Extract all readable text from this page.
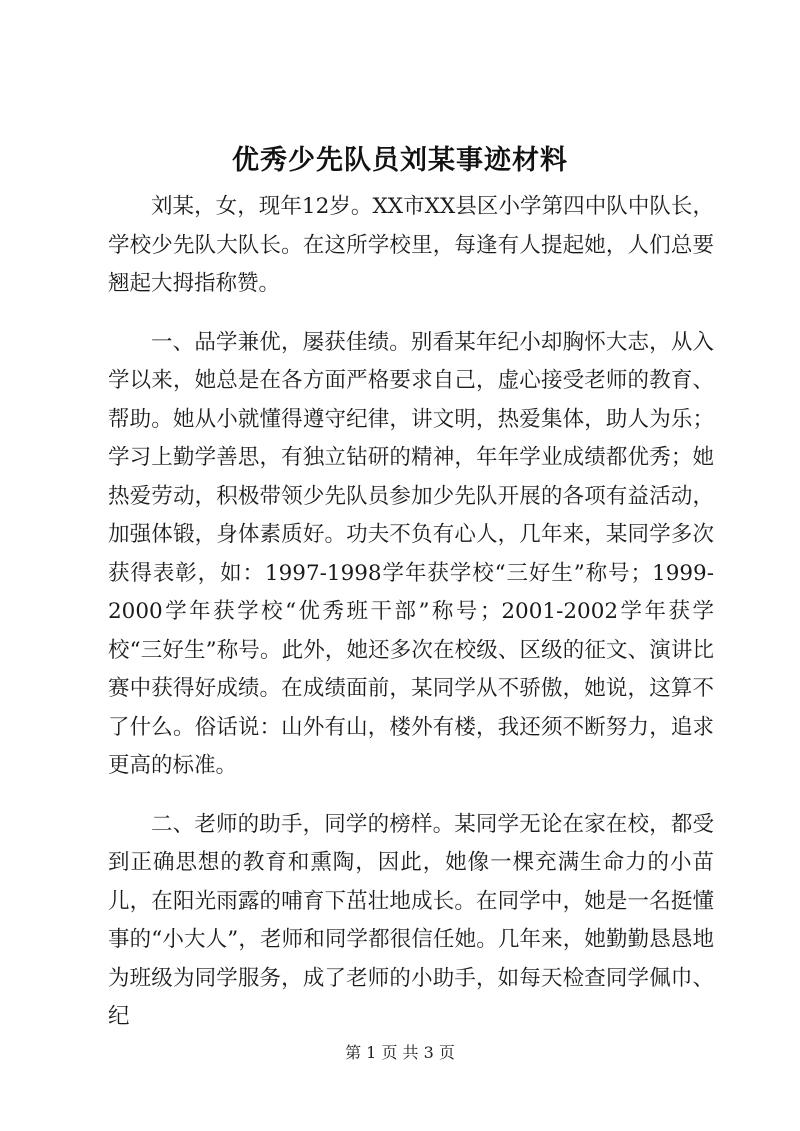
优秀少先队员刘某事迹材料

刘某，女，现年12岁。XX市XX县区小学第四中队中队长，学校少先队大队长。在这所学校里，每逢有人提起她，人们总要翘起大拇指称赞。

一、品学兼优，屡获佳绩。别看某年纪小却胸怀大志，从入学以来，她总是在各方面严格要求自己，虚心接受老师的教育、帮助。她从小就懂得遵守纪律，讲文明，热爱集体，助人为乐；学习上勤学善思，有独立钻研的精神，年年学业成绩都优秀；她热爱劳动，积极带领少先队员参加少先队开展的各项有益活动，加强体锻，身体素质好。功夫不负有心人，几年来，某同学多次获得表彰，如：1997-1998学年获学校“三好生”称号；1999-2000学年获学校“优秀班干部”称号；2001-2002学年获学校“三好生”称号。此外，她还多次在校级、区级的征文、演讲比赛中获得好成绩。在成绩面前，某同学从不骄傲，她说，这算不了什么。俗话说：山外有山，楼外有楼，我还须不断努力，追求更高的标准。

二、老师的助手，同学的榜样。某同学无论在家在校，都受到正确思想的教育和熏陶，因此，她像一棵充满生命力的小苗儿，在阳光雨露的哺育下茁壮地成长。在同学中，她是一名挺懂事的“小大人”，老师和同学都很信任她。几年来，她勤勤恳恳地为班级为同学服务，成了老师的小助手，如每天检查同学佩巾、纪

第 1 页 共 3 页
